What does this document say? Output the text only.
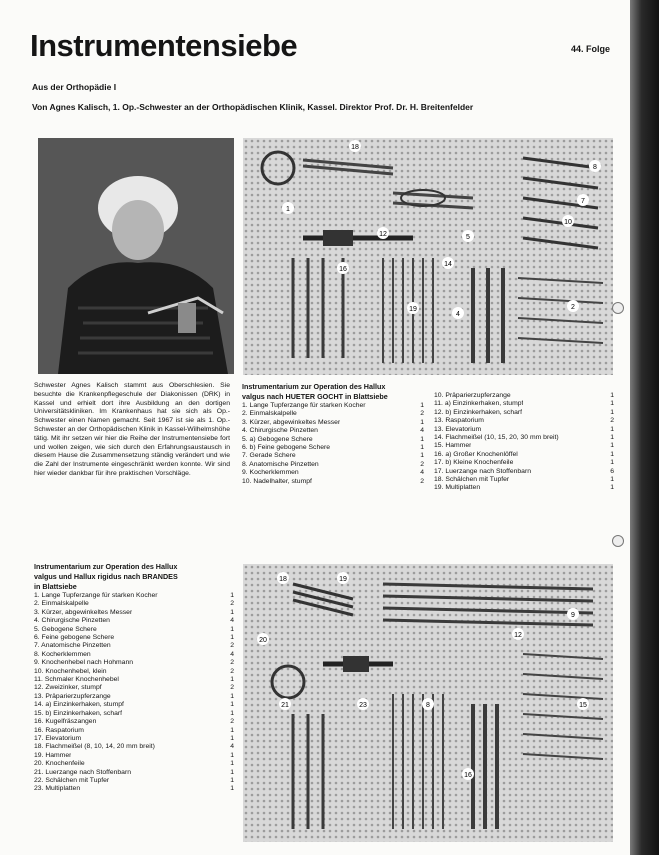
Instrumentensiebe	44. Folge
Aus der Orthopädie I
Von Agnes Kalisch, 1. Op.-Schwester an der Orthopädischen Klinik, Kassel. Direktor Prof. Dr. H. Breitenfelder
18
1
8
7
10
5
12
16
14
19
4
2
Schwester Agnes Kalisch stammt aus Oberschlesien. Sie besuchte die Krankenpflegeschule der Diakonissen (DRK) in Kassel und erhielt dort ihre Ausbildung an den dortigen Universitätskliniken. Im Krankenhaus hat sie sich als Op.-Schwester einen Namen gemacht. Seit 1967 ist sie als 1. Op.-Schwester an der Orthopädischen Klinik in Kassel-Wilhelmshöhe tätig. Mit ihr setzen wir hier die Reihe der Instrumentensiebe fort und wollen zeigen, wie sich durch den Erfahrungsaustausch in diesem Hause die Zusammensetzung ständig verändert und wie die Zahl der Instrumente eingeschränkt werden konnte. Wir sind hier wieder dankbar für ihre praktischen Vorschläge.
Instrumentarium zur Operation des Hallux
valgus nach HUETER GOCHT in Blattsiebe
1. Lange Tupferzange für starken Kocher	1
2. Einmalskalpelle	2
3. Kürzer, abgewinkeltes Messer	1
4. Chirurgische Pinzetten	4
5. a) Gebogene Schere	1
6. b) Feine gebogene Schere	1
7. Gerade Schere	1
8. Anatomische Pinzetten	2
9. Kocherklemmen	4
10. Nadelhalter, stumpf	2
10. Präparierzupferzange	1
11. a) Einzinkerhaken, stumpf	1
12. b) Einzinkerhaken, scharf	1
13. Raspatorium	2
13. Elevatorium	1
14. Flachmeißel (10, 15, 20, 30 mm breit)	1
15. Hammer	1
16. a) Großer Knochenlöffel	1
17. b) Kleine Knochenfeile	1
17. Luerzange nach Stoffenbarn	6
18. Schälchen mit Tupfer	1
19. Multiplatten	1
Instrumentarium zur Operation des Hallux
valgus und Hallux rigidus nach BRANDES
in Blattsiebe
1. Lange Tupferzange für starken Kocher	1
2. Einmalskalpelle	2
3. Kürzer, abgewinkeltes Messer	1
4. Chirurgische Pinzetten	4
5. Gebogene Schere	1
6. Feine gebogene Schere	1
7. Anatomische Pinzetten	2
8. Kocherklemmen	4
9. Knochenhebel nach Hohmann	2
10. Knochenhebel, klein	2
11. Schmaler Knochenhebel	1
12. Zweizinker, stumpf	2
13. Präparierzupferzange	1
14. a) Einzinkerhaken, stumpf	1
15. b) Einzinkerhaken, scharf	1
16. Kugelfräszangen	2
16. Raspatorium	1
17. Elevatorium	1
18. Flachmeißel (8, 10, 14, 20 mm breit)	4
19. Hammer	1
20. Knochenfeile	1
21. Luerzange nach Stoffenbarn	1
22. Schälchen mit Tupfer	1
23. Multiplatten	1
18	19
20
21	23	8
12
9
15
16
